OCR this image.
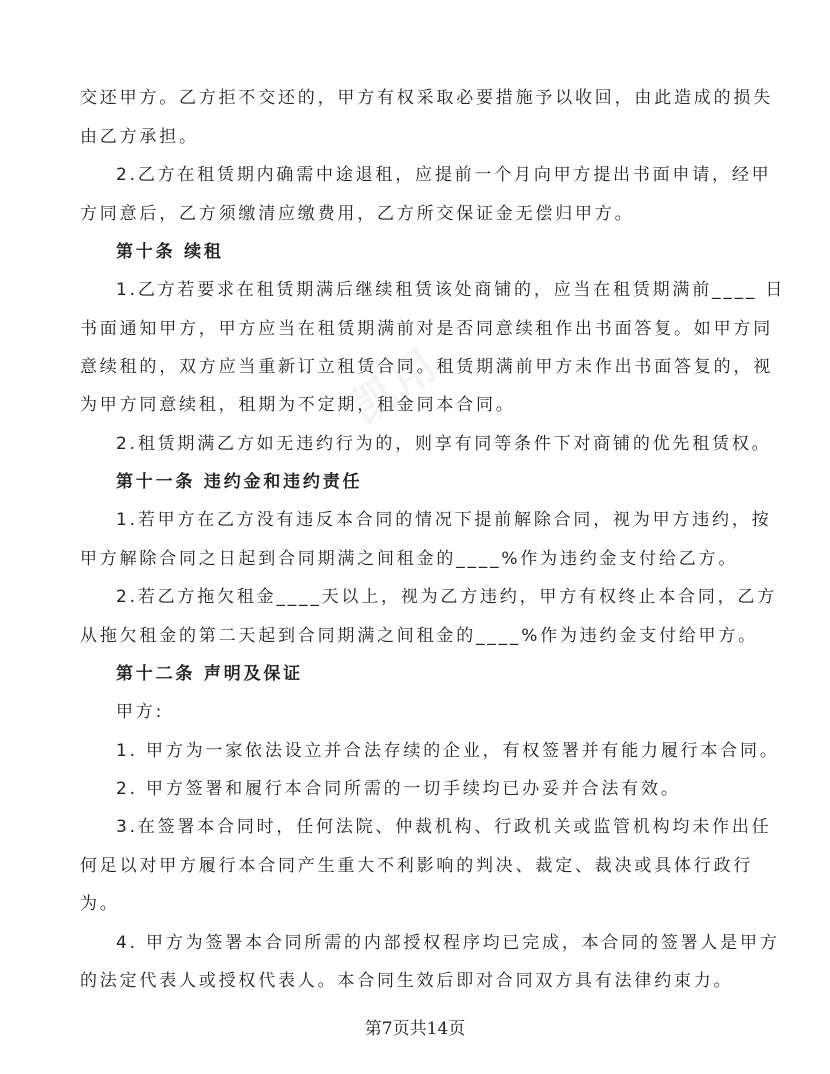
凯用
交还甲方。乙方拒不交还的，甲方有权采取必要措施予以收回，由此造成的损失
由乙方承担。
2.乙方在租赁期内确需中途退租，应提前一个月向甲方提出书面申请，经甲
方同意后，乙方须缴清应缴费用，乙方所交保证金无偿归甲方。
第十条 续租
1.乙方若要求在租赁期满后继续租赁该处商铺的，应当在租赁期满前____ 日
书面通知甲方，甲方应当在租赁期满前对是否同意续租作出书面答复。如甲方同
意续租的，双方应当重新订立租赁合同。租赁期满前甲方未作出书面答复的，视
为甲方同意续租，租期为不定期，租金同本合同。
2.租赁期满乙方如无违约行为的，则享有同等条件下对商铺的优先租赁权。
第十一条 违约金和违约责任
1.若甲方在乙方没有违反本合同的情况下提前解除合同，视为甲方违约，按
甲方解除合同之日起到合同期满之间租金的____%作为违约金支付给乙方。
2.若乙方拖欠租金____天以上，视为乙方违约，甲方有权终止本合同，乙方
从拖欠租金的第二天起到合同期满之间租金的____%作为违约金支付给甲方。
第十二条 声明及保证
甲方:
1. 甲方为一家依法设立并合法存续的企业，有权签署并有能力履行本合同。
2. 甲方签署和履行本合同所需的一切手续均已办妥并合法有效。
3.在签署本合同时，任何法院、仲裁机构、行政机关或监管机构均未作出任
何足以对甲方履行本合同产生重大不利影响的判决、裁定、裁决或具体行政行
为。
4. 甲方为签署本合同所需的内部授权程序均已完成，本合同的签署人是甲方
的法定代表人或授权代表人。本合同生效后即对合同双方具有法律约束力。
第7页共14页
